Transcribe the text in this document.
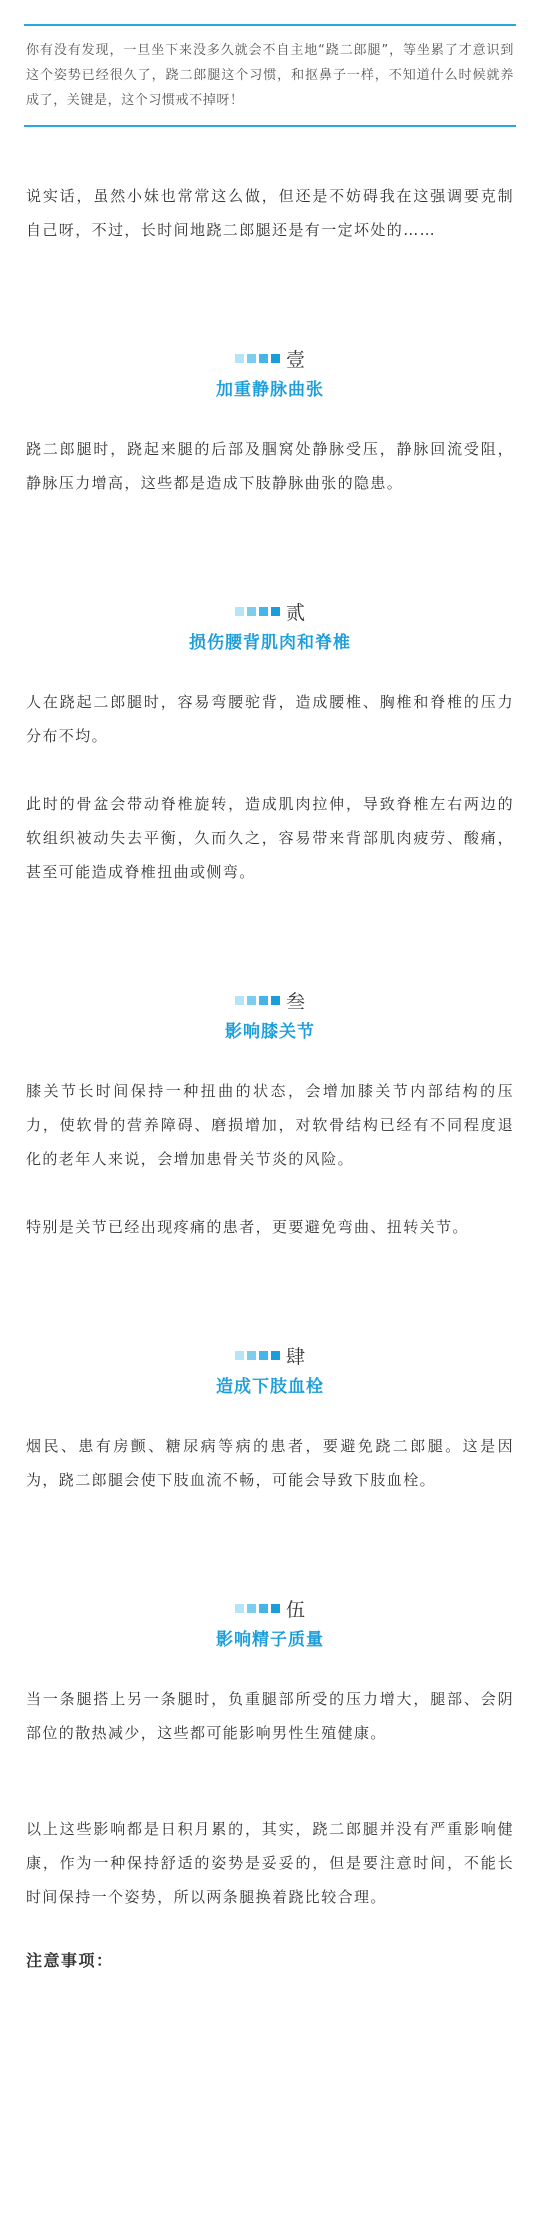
你有没有发现，一旦坐下来没多久就会不自主地“跷二郎腿”，等坐累了才意识到这个姿势已经很久了，跷二郎腿这个习惯，和抠鼻子一样，不知道什么时候就养成了，关键是，这个习惯戒不掉呀！

说实话，虽然小妹也常常这么做，但还是不妨碍我在这强调要克制自己呀，不过，长时间地跷二郎腿还是有一定坏处的……

壹
加重静脉曲张

跷二郎腿时，跷起来腿的后部及腘窝处静脉受压，静脉回流受阻，静脉压力增高，这些都是造成下肢静脉曲张的隐患。

贰
损伤腰背肌肉和脊椎

人在跷起二郎腿时，容易弯腰驼背，造成腰椎、胸椎和脊椎的压力分布不均。

此时的骨盆会带动脊椎旋转，造成肌肉拉伸，导致脊椎左右两边的软组织被动失去平衡，久而久之，容易带来背部肌肉疲劳、酸痛，甚至可能造成脊椎扭曲或侧弯。

叁
影响膝关节

膝关节长时间保持一种扭曲的状态，会增加膝关节内部结构的压力，使软骨的营养障碍、磨损增加，对软骨结构已经有不同程度退化的老年人来说，会增加患骨关节炎的风险。

特别是关节已经出现疼痛的患者，更要避免弯曲、扭转关节。

肆
造成下肢血栓

烟民、患有房颤、糖尿病等病的患者，要避免跷二郎腿。这是因为，跷二郎腿会使下肢血流不畅，可能会导致下肢血栓。

伍
影响精子质量

当一条腿搭上另一条腿时，负重腿部所受的压力增大，腿部、会阴部位的散热减少，这些都可能影响男性生殖健康。

以上这些影响都是日积月累的，其实，跷二郎腿并没有严重影响健康，作为一种保持舒适的姿势是妥妥的，但是要注意时间，不能长时间保持一个姿势，所以两条腿换着跷比较合理。

注意事项：
